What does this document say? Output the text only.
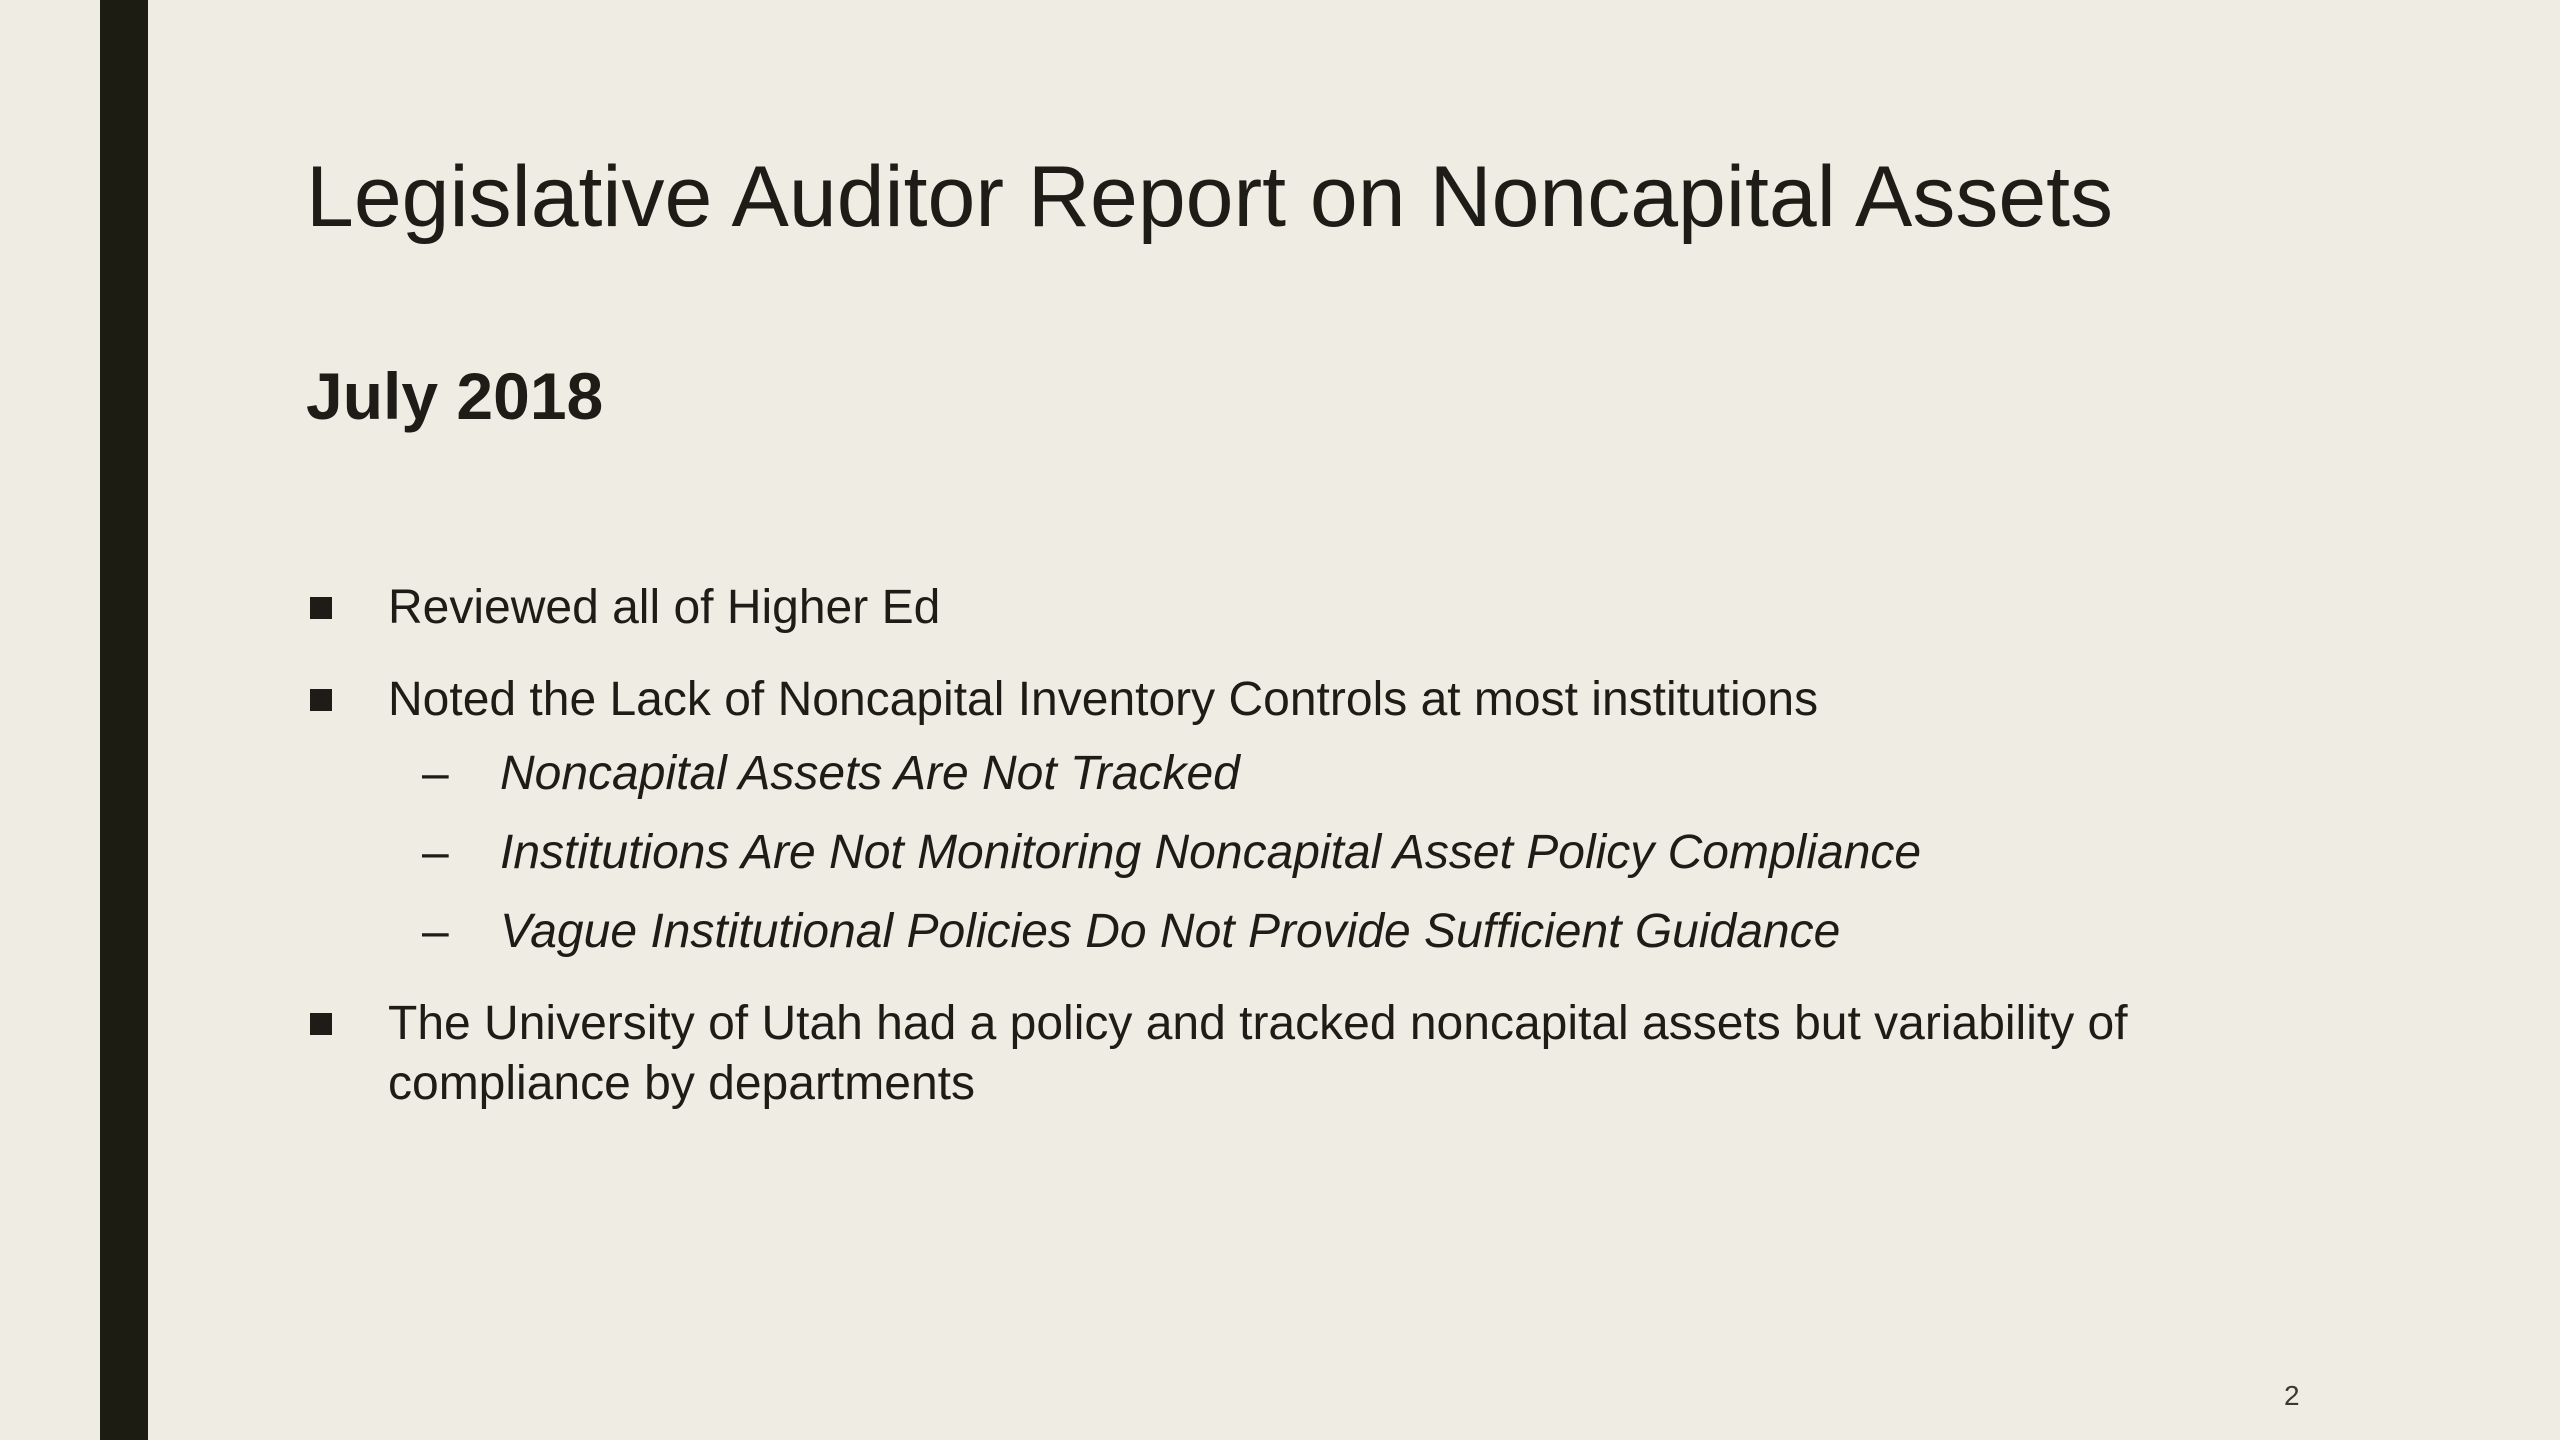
Legislative Auditor Report on Noncapital Assets
July 2018
Reviewed all of Higher Ed
Noted the Lack of Noncapital Inventory Controls at most institutions
– Noncapital Assets Are Not Tracked
– Institutions Are Not Monitoring Noncapital Asset Policy Compliance
– Vague Institutional Policies Do Not Provide Sufficient Guidance
The University of Utah had a policy and tracked noncapital assets but variability of compliance by departments
2
